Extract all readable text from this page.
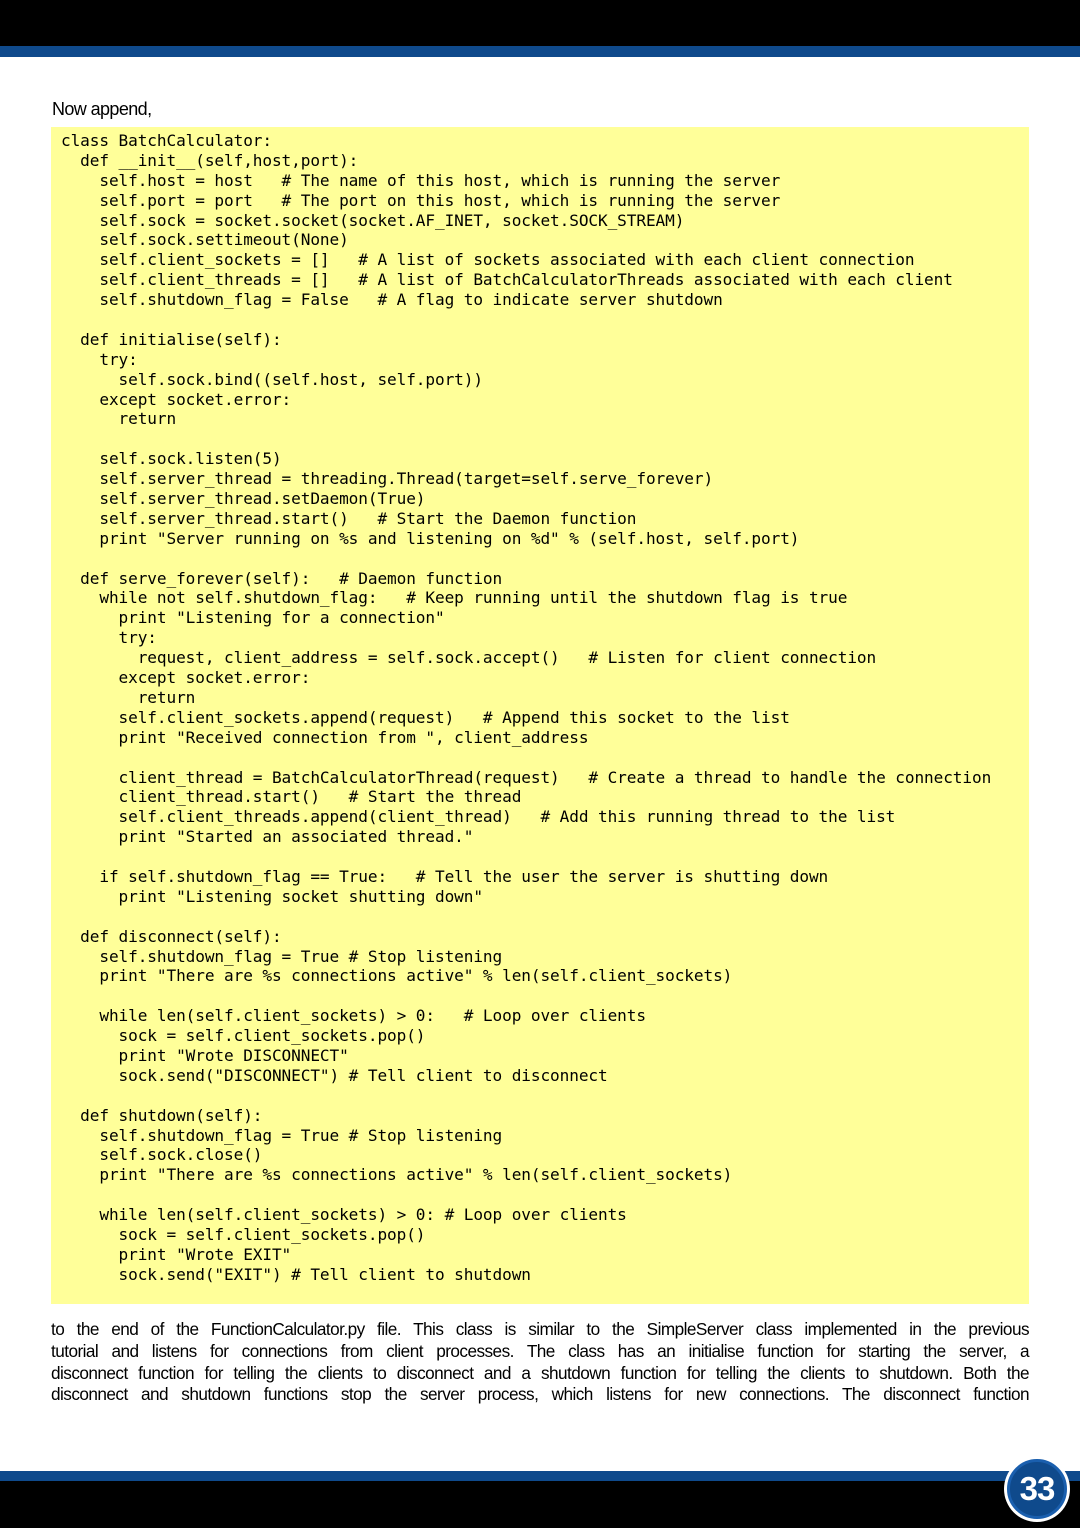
Now append,

class BatchCalculator:
def __init__(self,host,port):
self.host = host   # The name of this host, which is running the server
self.port = port   # The port on this host, which is running the server
self.sock = socket.socket(socket.AF_INET, socket.SOCK_STREAM)
self.sock.settimeout(None)
self.client_sockets = []   # A list of sockets associated with each client connection
self.client_threads = []   # A list of BatchCalculatorThreads associated with each client
self.shutdown_flag = False   # A flag to indicate server shutdown
def initialise(self):
try:
self.sock.bind((self.host, self.port))
except socket.error:
return
self.sock.listen(5)
self.server_thread = threading.Thread(target=self.serve_forever)
self.server_thread.setDaemon(True)
self.server_thread.start()   # Start the Daemon function
print "Server running on %s and listening on %d" % (self.host, self.port)
def serve_forever(self):   # Daemon function
while not self.shutdown_flag:   # Keep running until the shutdown flag is true
print "Listening for a connection"
try:
request, client_address = self.sock.accept()   # Listen for client connection
except socket.error:
return
self.client_sockets.append(request)   # Append this socket to the list
print "Received connection from ", client_address
client_thread = BatchCalculatorThread(request)   # Create a thread to handle the connection
client_thread.start()   # Start the thread
self.client_threads.append(client_thread)   # Add this running thread to the list
print "Started an associated thread."
if self.shutdown_flag == True:   # Tell the user the server is shutting down
print "Listening socket shutting down"
def disconnect(self):
self.shutdown_flag = True # Stop listening
print "There are %s connections active" % len(self.client_sockets)
while len(self.client_sockets) > 0:   # Loop over clients
sock = self.client_sockets.pop()
print "Wrote DISCONNECT"
sock.send("DISCONNECT") # Tell client to disconnect
def shutdown(self):
self.shutdown_flag = True # Stop listening
self.sock.close()
print "There are %s connections active" % len(self.client_sockets)
while len(self.client_sockets) > 0: # Loop over clients
sock = self.client_sockets.pop()
print "Wrote EXIT"
sock.send("EXIT") # Tell client to shutdown
to the end of the FunctionCalculator.py file. This class is similar to the SimpleServer class implemented in the previous
tutorial and listens for connections from client processes. The class has an initialise function for starting the server, a
disconnect function for telling the clients to disconnect and a shutdown function for telling the clients to shutdown. Both the
disconnect and shutdown functions stop the server process, which listens for new connections. The disconnect function
33
